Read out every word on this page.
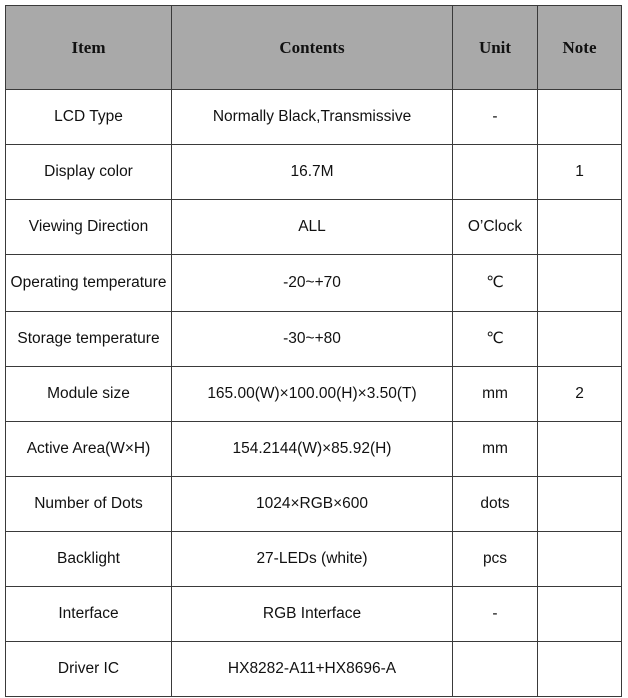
Item	Contents	Unit	Note
LCD Type	Normally Black,Transmissive	-	
Display color	16.7M		1
Viewing Direction	ALL	O’Clock	
Operating temperature	-20~+70	℃	
Storage temperature	-30~+80	℃	
Module size	165.00(W)×100.00(H)×3.50(T)	mm	2
Active Area(W×H)	154.2144(W)×85.92(H)	mm	
Number of Dots	1024×RGB×600	dots	
Backlight	27-LEDs (white)	pcs	
Interface	RGB Interface	-	
Driver IC	HX8282-A11+HX8696-A		
